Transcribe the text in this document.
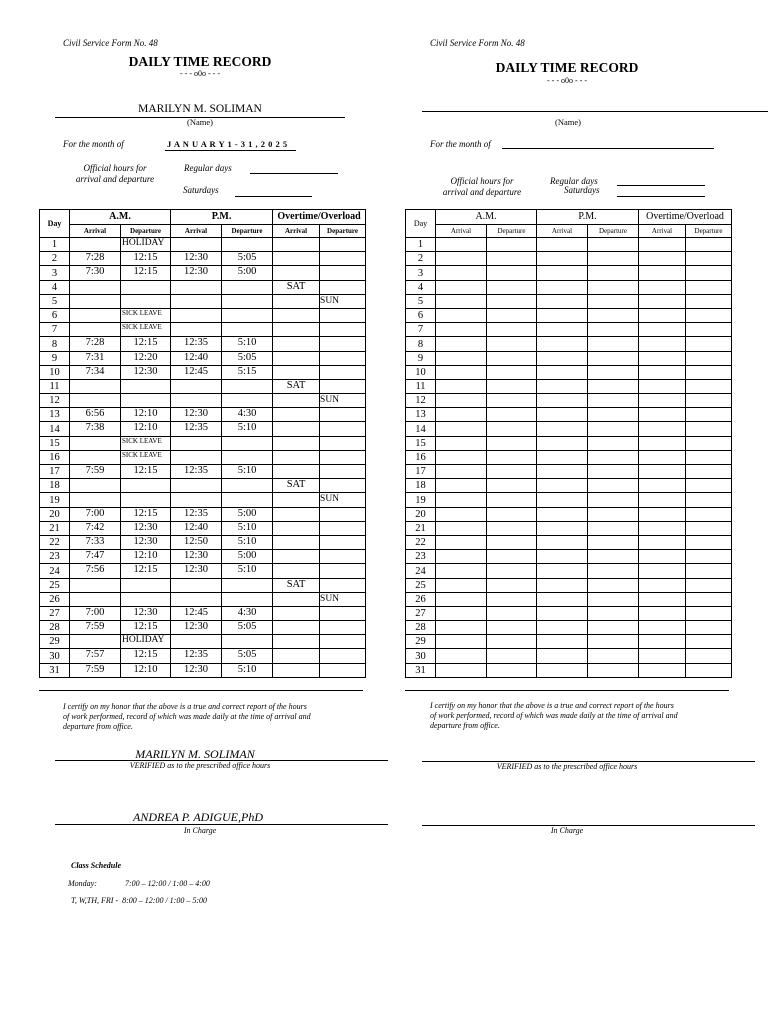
Civil Service Form No. 48
DAILY TIME RECORD
- - - o0o - - -
MARILYN M. SOLIMAN
(Name)
For the month of	J A N U A R Y 1 - 3 1 , 2 0 2 5
Official hours for
arrival and departure
Regular days
Saturdays
Day	A.M.		P.M.		Overtime/Overload	
	Arrival	Departure	Arrival	Departure	Arrival	Departure
1		HOLIDAY				
2	7:28	12:15	12:30	5:05		
3	7:30	12:15	12:30	5:00		
4					SAT	
5						SUN
6		SICK LEAVE				
7		SICK LEAVE				
8	7:28	12:15	12:35	5:10		
9	7:31	12:20	12:40	5:05		
10	7:34	12:30	12:45	5:15		
11					SAT	
12						SUN
13	6:56	12:10	12:30	4:30		
14	7:38	12:10	12:35	5:10		
15		SICK LEAVE				
16		SICK LEAVE				
17	7:59	12:15	12:35	5:10		
18					SAT	
19						SUN
20	7:00	12:15	12:35	5:00		
21	7:42	12:30	12:40	5:10		
22	7:33	12:30	12:50	5:10		
23	7:47	12:10	12:30	5:00		
24	7:56	12:15	12:30	5:10		
25					SAT	
26						SUN
27	7:00	12:30	12:45	4:30		
28	7:59	12:15	12:30	5:05		
29		HOLIDAY				
30	7:57	12:15	12:35	5:05		
31	7:59	12:10	12:30	5:10		
I certify on my honor that the above is a true and correct report of the hours
of work performed, record of which was made daily at the time of arrival and
departure from office.
MARILYN M. SOLIMAN
VERIFIED as to the prescribed office hours
ANDREA P. ADIGUE,PhD
In Charge
Class Schedule
Monday:	7:00 – 12:00 / 1:00 – 4:00
T, W,TH, FRI -  8:00 – 12:00 / 1:00 – 5:00
Civil Service Form No. 48
DAILY TIME RECORD
- - - o0o - - -
(Name)
For the month of
Official hours for
arrival and departure
Regular days
Saturdays
Day	A.M.		P.M.		Overtime/Overload	
	Arrival	Departure	Arrival	Departure	Arrival	Departure
1						
2						
3						
4						
5						
6						
7						
8						
9						
10						
11						
12						
13						
14						
15						
16						
17						
18						
19						
20						
21						
22						
23						
24						
25						
26						
27						
28						
29						
30						
31						
I certify on my honor that the above is a true and correct report of the hours
of work performed, record of which was made daily at the time of arrival and
departure from office.
VERIFIED as to the prescribed office hours
In Charge
